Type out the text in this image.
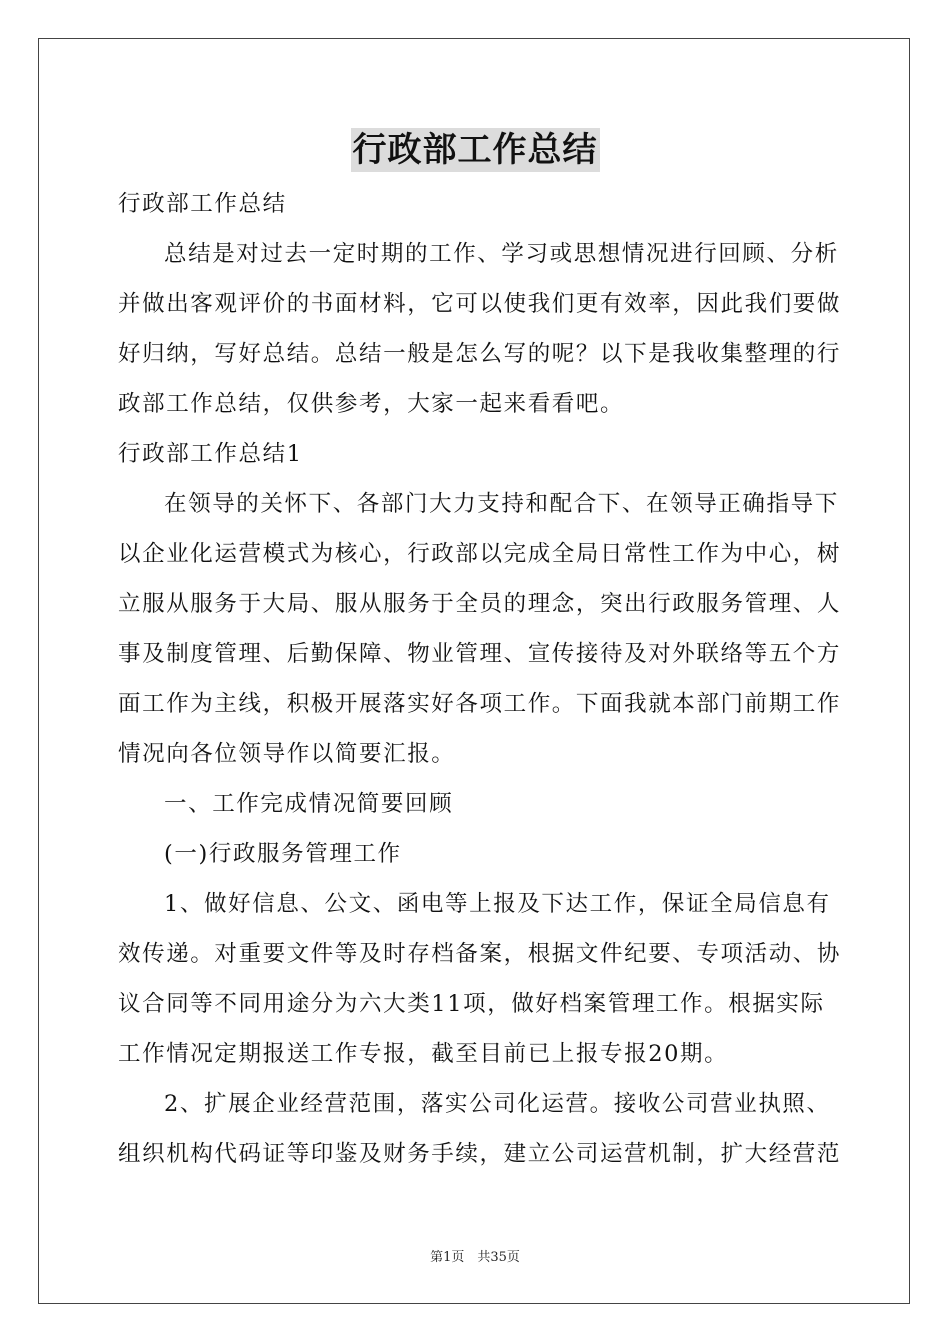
行政部工作总结
行政部工作总结
总结是对过去一定时期的工作、学习或思想情况进行回顾、分析
并做出客观评价的书面材料，它可以使我们更有效率，因此我们要做
好归纳，写好总结。总结一般是怎么写的呢？以下是我收集整理的行
政部工作总结，仅供参考，大家一起来看看吧。
行政部工作总结1
在领导的关怀下、各部门大力支持和配合下、在领导正确指导下
以企业化运营模式为核心，行政部以完成全局日常性工作为中心，树
立服从服务于大局、服从服务于全员的理念，突出行政服务管理、人
事及制度管理、后勤保障、物业管理、宣传接待及对外联络等五个方
面工作为主线，积极开展落实好各项工作。下面我就本部门前期工作
情况向各位领导作以简要汇报。
一、工作完成情况简要回顾
(一)行政服务管理工作
1、做好信息、公文、函电等上报及下达工作，保证全局信息有
效传递。对重要文件等及时存档备案，根据文件纪要、专项活动、协
议合同等不同用途分为六大类11项，做好档案管理工作。根据实际
工作情况定期报送工作专报，截至目前已上报专报20期。
2、扩展企业经营范围，落实公司化运营。接收公司营业执照、
组织机构代码证等印鉴及财务手续，建立公司运营机制，扩大经营范
第1页　共35页
